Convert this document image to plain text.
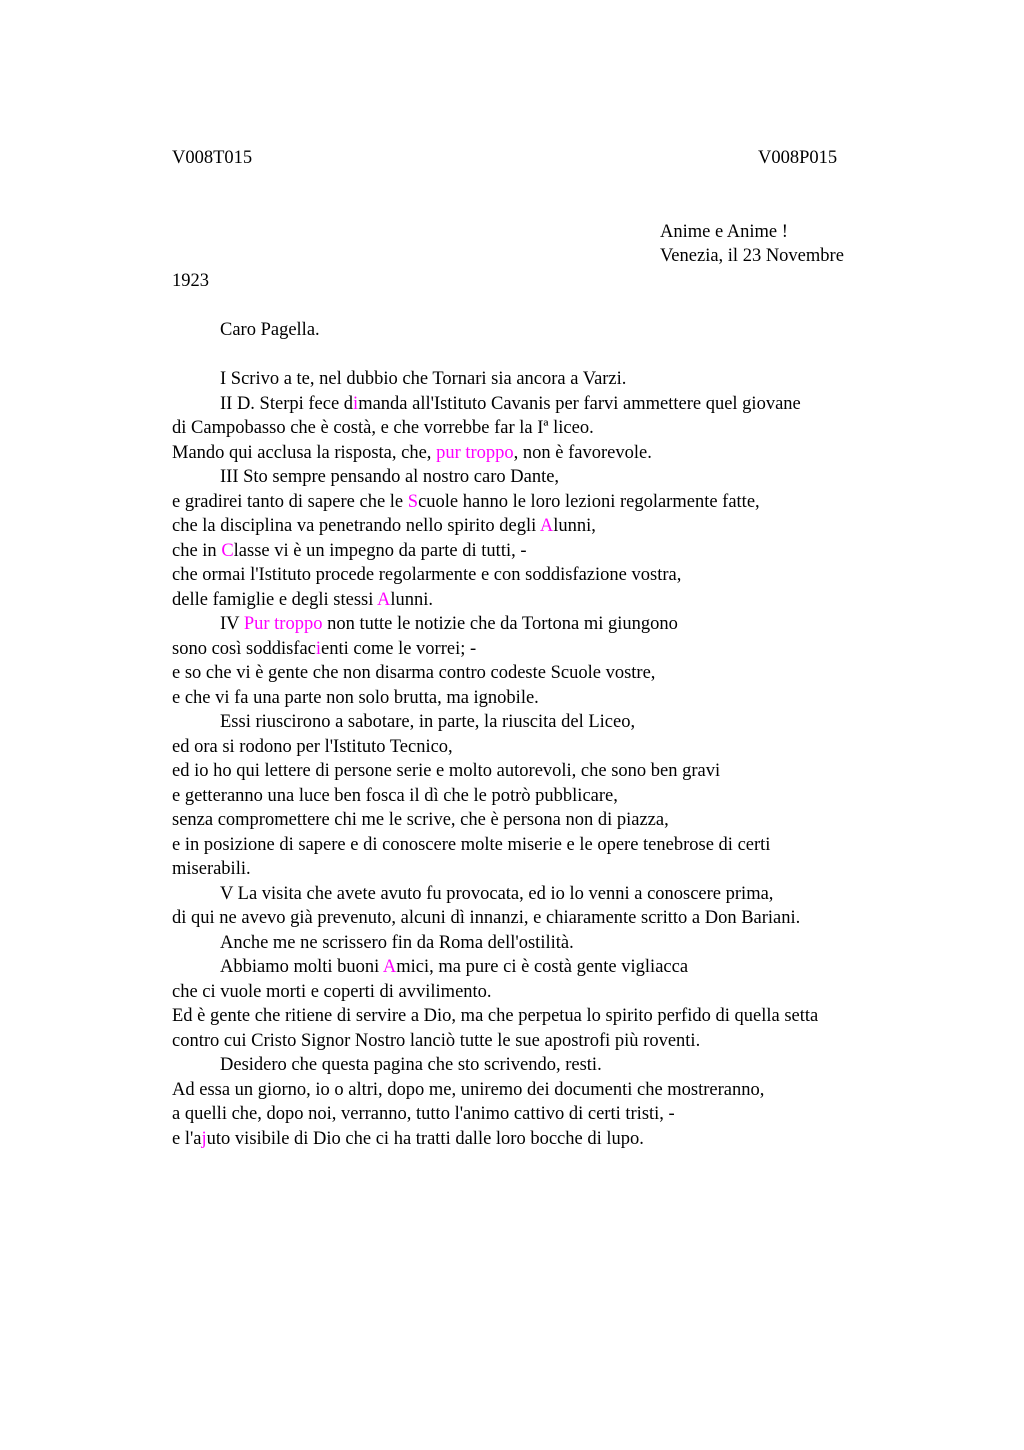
V008T015	V008P015
Anime e Anime !
Venezia, il 23 Novembre
1923
Caro Pagella.
I Scrivo a te, nel dubbio che Tornari sia ancora a Varzi.
II D. Sterpi fece dimanda all'Istituto Cavanis per farvi ammettere quel giovane
di Campobasso che è costà, e che vorrebbe far la Iª liceo.
Mando qui acclusa la risposta, che, pur troppo, non è favorevole.
III Sto sempre pensando al nostro caro Dante,
e gradirei tanto di sapere che le Scuole hanno le loro lezioni regolarmente fatte,
che la disciplina va penetrando nello spirito degli Alunni,
che in Classe vi è un impegno da parte di tutti, -
che ormai l'Istituto procede regolarmente e con soddisfazione vostra,
delle famiglie e degli stessi Alunni.
IV Pur troppo non tutte le notizie che da Tortona mi giungono
sono così soddisfacienti come le vorrei; -
e so che vi è gente che non disarma contro codeste Scuole vostre,
e che vi fa una parte non solo brutta, ma ignobile.
Essi riuscirono a sabotare, in parte, la riuscita del Liceo,
ed ora si rodono per l'Istituto Tecnico,
ed io ho qui lettere di persone serie e molto autorevoli, che sono ben gravi
e getteranno una luce ben fosca il dì che le potrò pubblicare,
senza compromettere chi me le scrive, che è persona non di piazza,
e in posizione di sapere e di conoscere molte miserie e le opere tenebrose di certi
miserabili.
V La visita che avete avuto fu provocata, ed io lo venni a conoscere prima,
di qui ne avevo già prevenuto, alcuni dì innanzi, e chiaramente scritto a Don Bariani.
Anche me ne scrissero fin da Roma dell'ostilità.
Abbiamo molti buoni Amici, ma pure ci è costà gente vigliacca
che ci vuole morti e coperti di avvilimento.
Ed è gente che ritiene di servire a Dio, ma che perpetua lo spirito perfido di quella setta
contro cui Cristo Signor Nostro lanciò tutte le sue apostrofi più roventi.
Desidero che questa pagina che sto scrivendo, resti.
Ad essa un giorno, io o altri, dopo me, uniremo dei documenti che mostreranno,
a quelli che, dopo noi, verranno, tutto l'animo cattivo di certi tristi, -
e l'ajuto visibile di Dio che ci ha tratti dalle loro bocche di lupo.
